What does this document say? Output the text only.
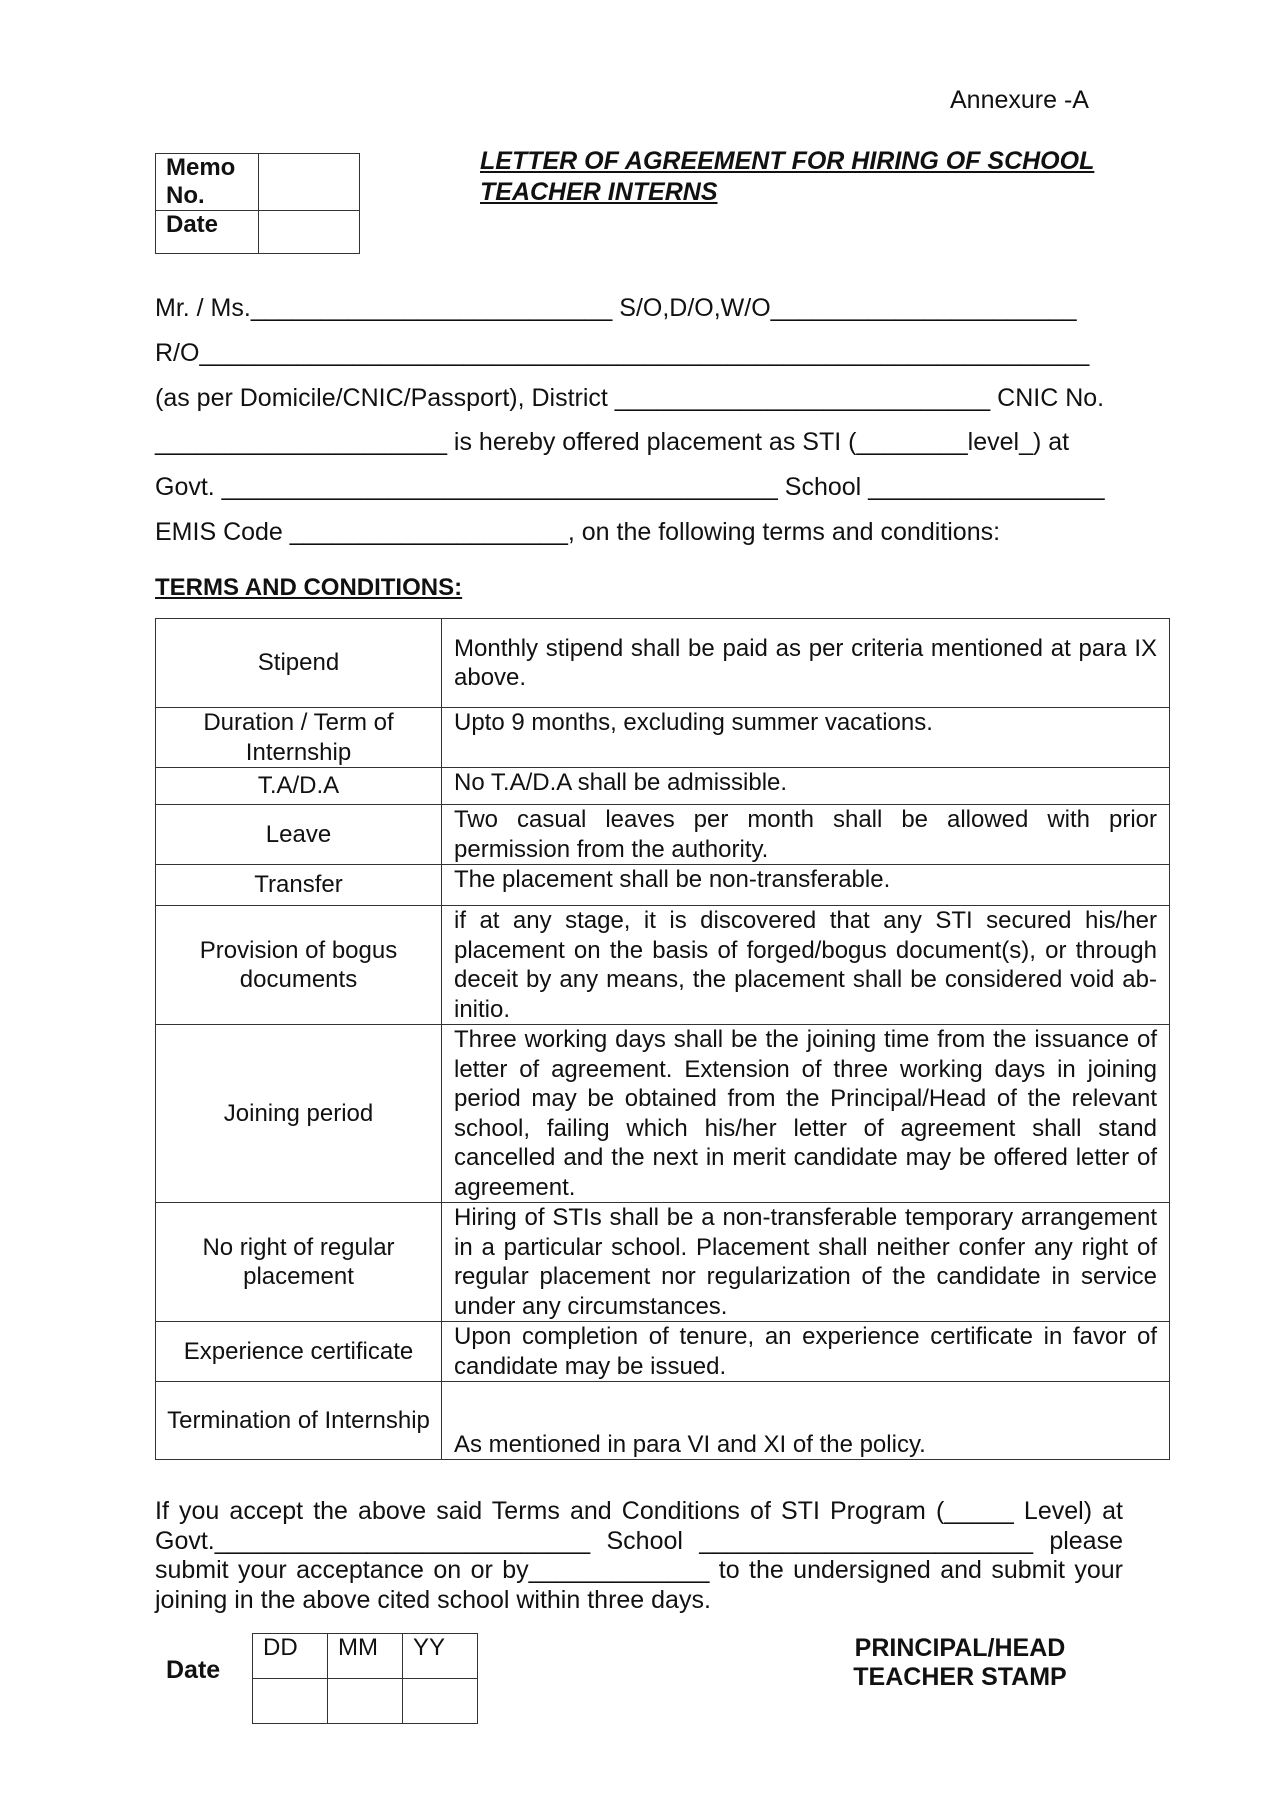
Annexure -A
Memo No.	
Date	
LETTER OF AGREEMENT FOR HIRING OF SCHOOL TEACHER INTERNS
Mr. / Ms.__________________________ S/O,D/O,W/O______________________
R/O________________________________________________________________
(as per Domicile/CNIC/Passport), District ___________________________ CNIC No.
_____________________ is hereby offered placement as STI (________level_) at
Govt. ________________________________________ School _________________
EMIS Code ____________________, on the following terms and conditions:
TERMS AND CONDITIONS:
Stipend	Monthly stipend shall be paid as per criteria mentioned at para IX above.
Duration / Term of Internship	Upto 9 months, excluding summer vacations.
T.A/D.A	No T.A/D.A shall be admissible.
Leave	Two casual leaves per month shall be allowed with prior permission from the authority.
Transfer	The placement shall be non-transferable.
Provision of bogus documents	if at any stage, it is discovered that any STI secured his/her placement on the basis of forged/bogus document(s), or through deceit by any means, the placement shall be considered void ab-initio.
Joining period	Three working days shall be the joining time from the issuance of letter of agreement. Extension of three working days in joining period may be obtained from the Principal/Head of the relevant school, failing which his/her letter of agreement shall stand cancelled and the next in merit candidate may be offered letter of agreement.
No right of regular placement	Hiring of STIs shall be a non-transferable temporary arrangement in a particular school. Placement shall neither confer any right of regular placement nor regularization of the candidate in service under any circumstances.
Experience certificate	Upon completion of tenure, an experience certificate in favor of candidate may be issued.
Termination of Internship	As mentioned in para VI and XI of the policy.
If you accept the above said Terms and Conditions of STI Program (_____ Level) at Govt.___________________________ School ________________________ please submit your acceptance on or by_____________ to the undersigned and submit your joining in the above cited school within three days.
Date
DD	MM	YY
			PRINCIPAL/HEAD TEACHER STAMP
